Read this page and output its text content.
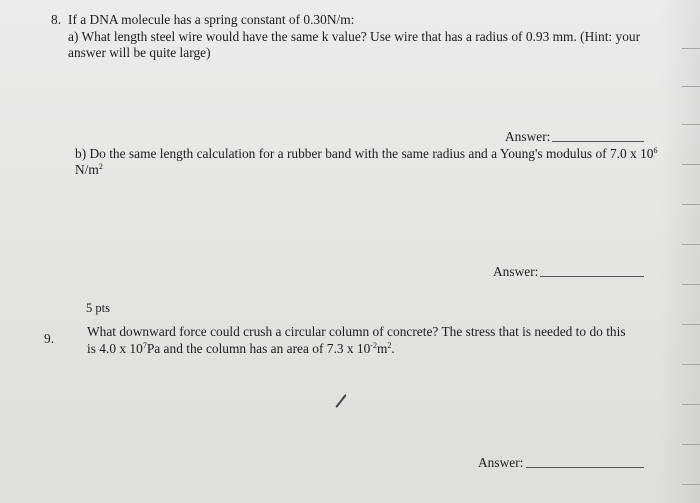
8. If a DNA molecule has a spring constant of 0.30N/m:
a) What length steel wire would have the same k value? Use wire that has a radius of 0.93 mm. (Hint: your
answer will be quite large)
Answer:
b) Do the same length calculation for a rubber band with the same radius and a Young's modulus of 7.0 x $10^6$
$N/m^2$
Answer:
5 pts
9. What downward force could crush a circular column of concrete? The stress that is needed to do this
is 4.0 x $10^7Pa$ and the column has an area of 7.3 x $10^{-2}m^2$.
Answer:
